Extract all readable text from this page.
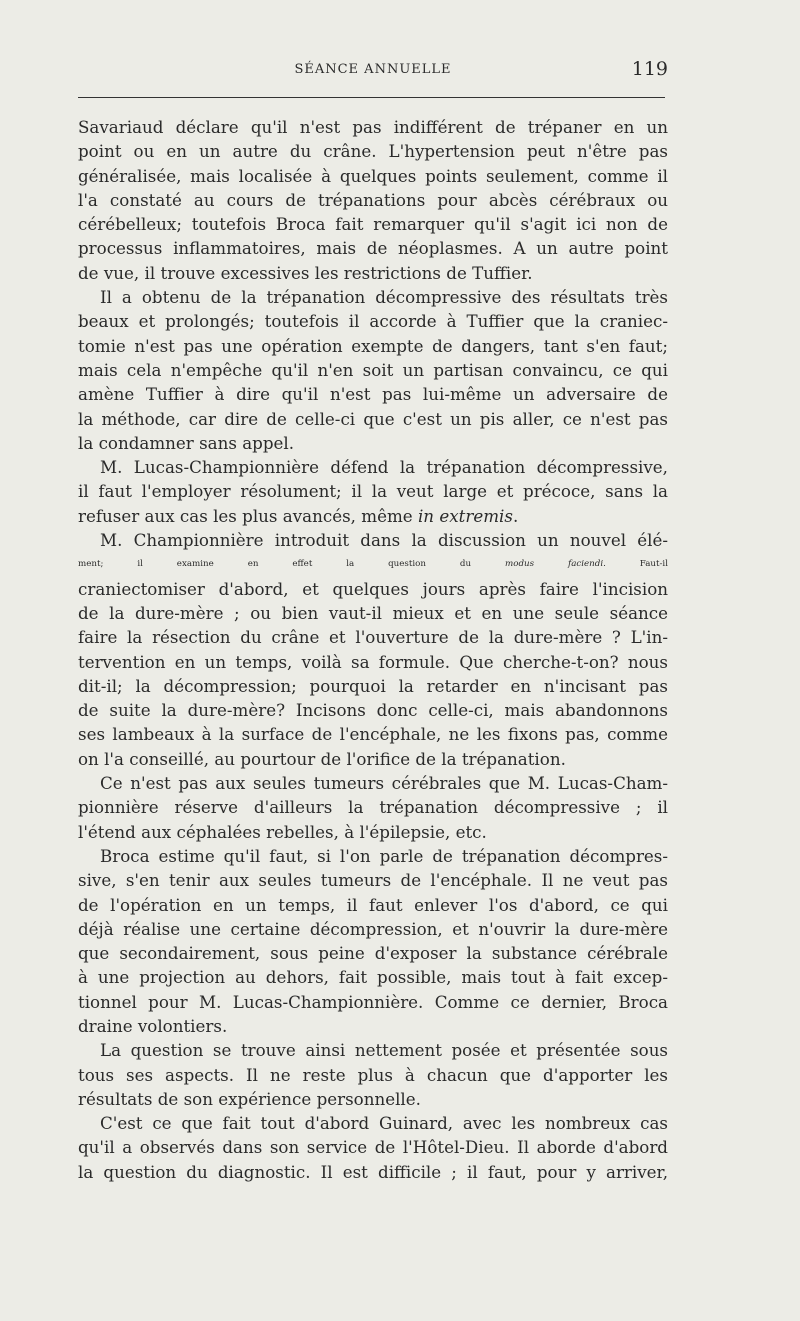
SÉANCE ANNUELLE	119
Savariaud déclare qu'il n'est pas indifférent de trépaner en un
point ou en un autre du crâne. L'hypertension peut n'être pas
généralisée, mais localisée à quelques points seulement, comme il
l'a constaté au cours de trépanations pour abcès cérébraux ou
cérébelleux; toutefois Broca fait remarquer qu'il s'agit ici non de
processus inflammatoires, mais de néoplasmes. A un autre point
de vue, il trouve excessives les restrictions de Tuffier.
Il a obtenu de la trépanation décompressive des résultats très
beaux et prolongés; toutefois il accorde à Tuffier que la craniec-
tomie n'est pas une opération exempte de dangers, tant s'en faut;
mais cela n'empêche qu'il n'en soit un partisan convaincu, ce qui
amène Tuffier à dire qu'il n'est pas lui-même un adversaire de
la méthode, car dire de celle-ci que c'est un pis aller, ce n'est pas
la condamner sans appel.
M. Lucas-Championnière défend la trépanation décompressive,
il faut l'employer résolument; il la veut large et précoce, sans la
refuser aux cas les plus avancés, même in extremis.
M. Championnière introduit dans la discussion un nouvel élé-
ment; il examine en effet la question du modus faciendi. Faut-il
craniectomiser d'abord, et quelques jours après faire l'incision
de la dure-mère ; ou bien vaut-il mieux et en une seule séance
faire la résection du crâne et l'ouverture de la dure-mère ? L'in-
tervention en un temps, voilà sa formule. Que cherche-t-on? nous
dit-il; la décompression; pourquoi la retarder en n'incisant pas
de suite la dure-mère? Incisons donc celle-ci, mais abandonnons
ses lambeaux à la surface de l'encéphale, ne les fixons pas, comme
on l'a conseillé, au pourtour de l'orifice de la trépanation.
Ce n'est pas aux seules tumeurs cérébrales que M. Lucas-Cham-
pionnière réserve d'ailleurs la trépanation décompressive ; il
l'étend aux céphalées rebelles, à l'épilepsie, etc.
Broca estime qu'il faut, si l'on parle de trépanation décompres-
sive, s'en tenir aux seules tumeurs de l'encéphale. Il ne veut pas
de l'opération en un temps, il faut enlever l'os d'abord, ce qui
déjà réalise une certaine décompression, et n'ouvrir la dure-mère
que secondairement, sous peine d'exposer la substance cérébrale
à une projection au dehors, fait possible, mais tout à fait excep-
tionnel pour M. Lucas-Championnière. Comme ce dernier, Broca
draine volontiers.
La question se trouve ainsi nettement posée et présentée sous
tous ses aspects. Il ne reste plus à chacun que d'apporter les
résultats de son expérience personnelle.
C'est ce que fait tout d'abord Guinard, avec les nombreux cas
qu'il a observés dans son service de l'Hôtel-Dieu. Il aborde d'abord
la question du diagnostic. Il est difficile ; il faut, pour y arriver,
